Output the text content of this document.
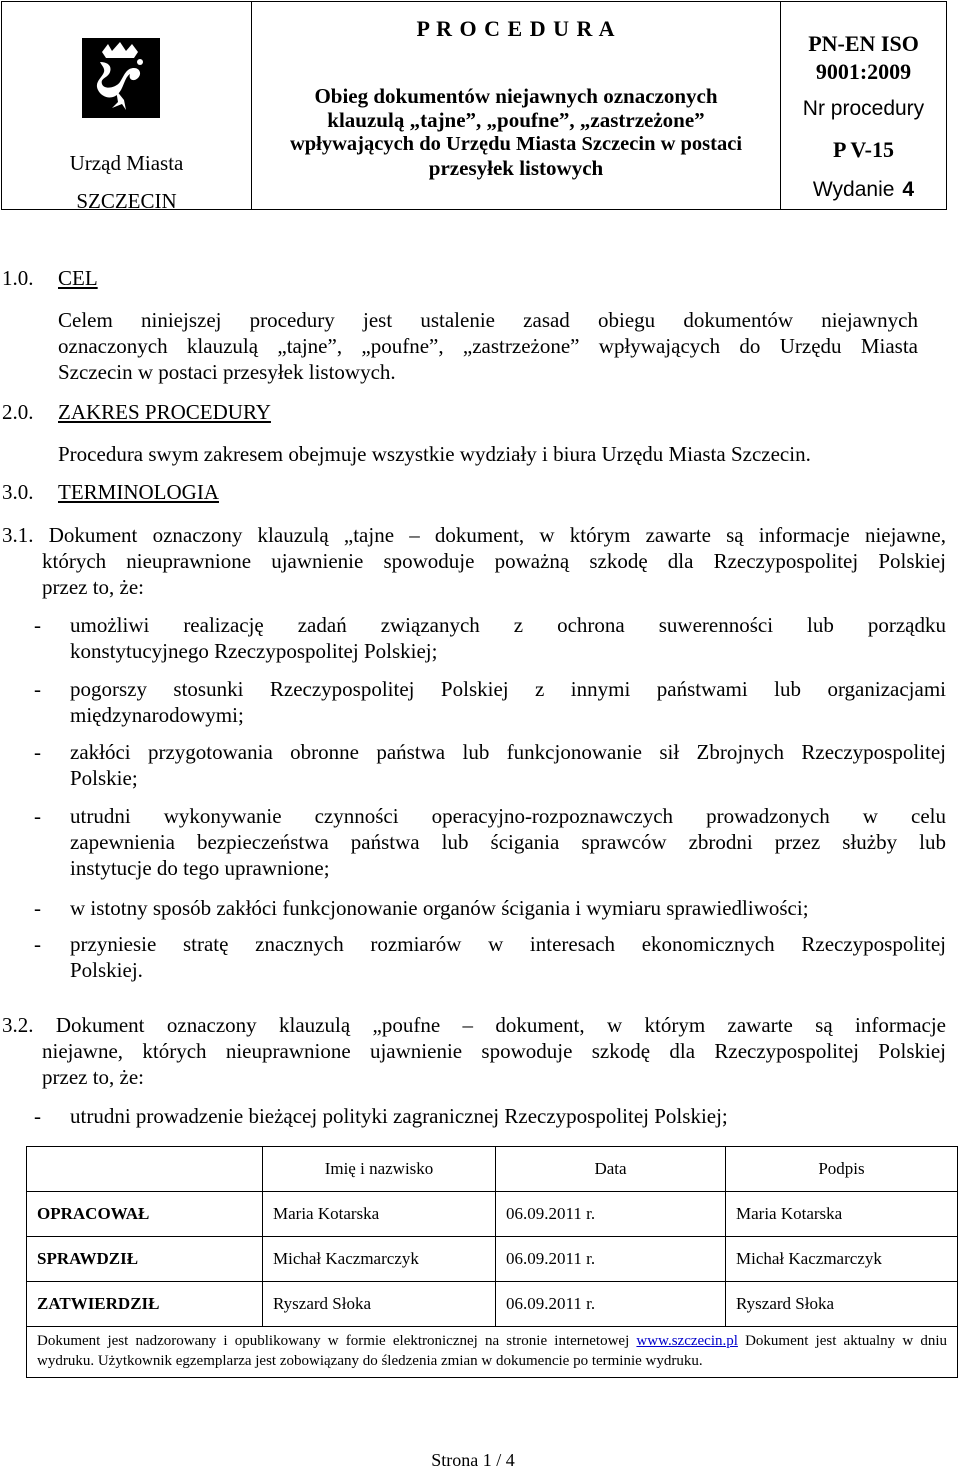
Urząd Miasta
SZCZECIN
P R O C E D U R A
Obieg dokumentów niejawnych oznaczonych
klauzulą „tajne”, „poufne”, „zastrzeżone”
wpływających do Urzędu Miasta Szczecin w postaci
przesyłek listowych
PN-EN ISO
9001:2009
Nr procedury
P V-15
Wydanie 4
1.0. CEL
Celem niniejszej procedury jest ustalenie zasad obiegu dokumentów niejawnych
oznaczonych klauzulą „tajne”, „poufne”, „zastrzeżone” wpływających do Urzędu Miasta
Szczecin w postaci przesyłek listowych.
2.0. ZAKRES PROCEDURY
Procedura swym zakresem obejmuje wszystkie wydziały i biura Urzędu Miasta Szczecin.
3.0. TERMINOLOGIA
3.1. Dokument oznaczony klauzulą „tajne – dokument, w którym zawarte są informacje niejawne,
których nieuprawnione ujawnienie spowoduje poważną szkodę dla Rzeczypospolitej Polskiej
przez to, że:
- umożliwi realizację zadań związanych z ochrona suwerenności lub porządku
konstytucyjnego Rzeczypospolitej Polskiej;
- pogorszy stosunki Rzeczypospolitej Polskiej z innymi państwami lub organizacjami
międzynarodowymi;
- zakłóci przygotowania obronne państwa lub funkcjonowanie sił Zbrojnych Rzeczypospolitej
Polskie;
- utrudni wykonywanie czynności operacyjno-rozpoznawczych prowadzonych w celu
zapewnienia bezpieczeństwa państwa lub ścigania sprawców zbrodni przez służby lub
instytucje do tego uprawnione;
- w istotny sposób zakłóci funkcjonowanie organów ścigania i wymiaru sprawiedliwości;
- przyniesie stratę znacznych rozmiarów w interesach ekonomicznych Rzeczypospolitej
Polskiej.
3.2. Dokument oznaczony klauzulą „poufne – dokument, w którym zawarte są informacje
niejawne, których nieuprawnione ujawnienie spowoduje szkodę dla Rzeczypospolitej Polskiej
przez to, że:
- utrudni prowadzenie bieżącej polityki zagranicznej Rzeczypospolitej Polskiej;
	Imię i nazwisko	Data	Podpis
OPRACOWAŁ	Maria Kotarska	06.09.2011 r.	Maria Kotarska
SPRAWDZIŁ	Michał Kaczmarczyk	06.09.2011 r.	Michał Kaczmarczyk
ZATWIERDZIŁ	Ryszard Słoka	06.09.2011 r.	Ryszard Słoka
Dokument jest nadzorowany i opublikowany w formie elektronicznej na stronie internetowej www.szczecin.pl Dokument jest aktualny w dniu wydruku. Użytkownik egzemplarza jest zobowiązany do śledzenia zmian w dokumencie po terminie wydruku.			
Strona 1 / 4
